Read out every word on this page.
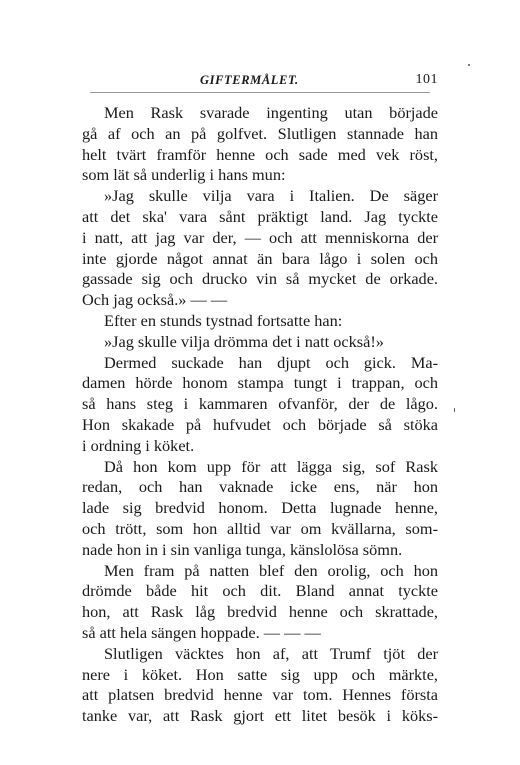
GIFTERMÅLET.	101
Men Rask svarade ingenting utan började
gå af och an på golfvet. Slutligen stannade han
helt tvärt framför henne och sade med vek röst,
som lät så underlig i hans mun:
»Jag skulle vilja vara i Italien. De säger
att det ska' vara sånt präktigt land. Jag tyckte
i natt, att jag var der, — och att menniskorna der
inte gjorde något annat än bara lågo i solen och
gassade sig och drucko vin så mycket de orkade.
Och jag också.» — —
Efter en stunds tystnad fortsatte han:
»Jag skulle vilja drömma det i natt också!»
Dermed suckade han djupt och gick. Ma-
damen hörde honom stampa tungt i trappan, och
så hans steg i kammaren ofvanför, der de lågo.
Hon skakade på hufvudet och började så stöka
i ordning i köket.
Då hon kom upp för att lägga sig, sof Rask
redan, och han vaknade icke ens, när hon
lade sig bredvid honom. Detta lugnade henne,
och trött, som hon alltid var om kvällarna, som-
nade hon in i sin vanliga tunga, känslolösa sömn.
Men fram på natten blef den orolig, och hon
drömde både hit och dit. Bland annat tyckte
hon, att Rask låg bredvid henne och skrattade,
så att hela sängen hoppade. — — —
Slutligen väcktes hon af, att Trumf tjöt der
nere i köket. Hon satte sig upp och märkte,
att platsen bredvid henne var tom. Hennes första
tanke var, att Rask gjort ett litet besök i köks-
